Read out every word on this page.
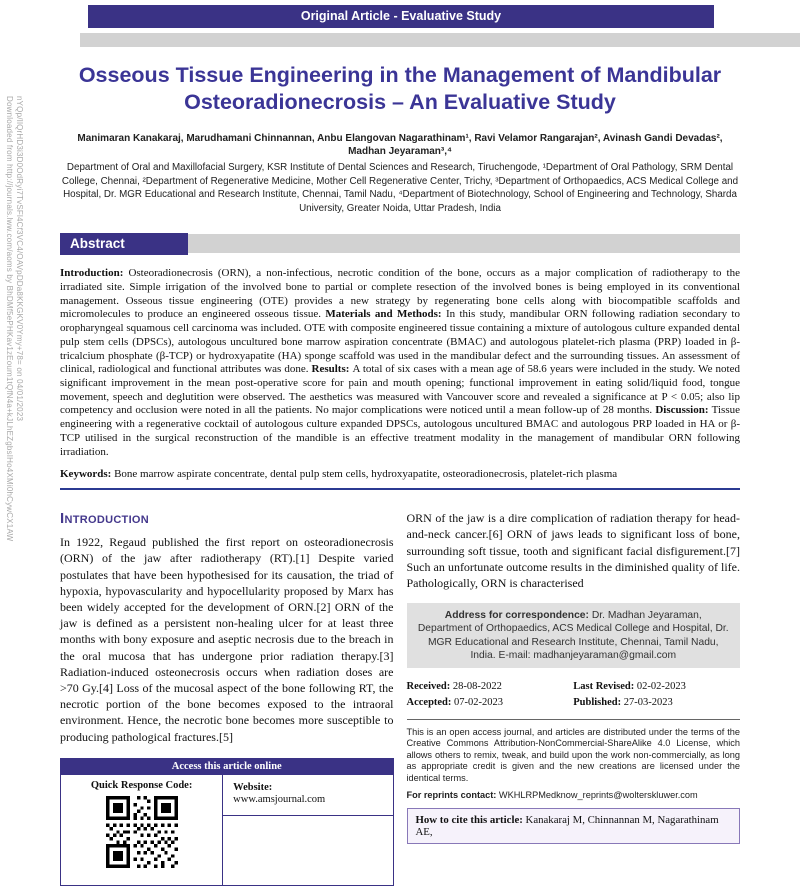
Downloaded from http://journals.lww.com/aoms by BhDMf5ePHKav1zEoum1tQfN4a+kJLhEZgbsIHo4XMi0hCywCX1AW nYQp/IlQrHD3i3D0OdRyi7TvSFl4Cf3VC4/OAVpDDa8KKGKV0Ymy+78= on 04/01/2023
Original Article - Evaluative Study
Osseous Tissue Engineering in the Management of Mandibular Osteoradionecrosis – An Evaluative Study

Manimaran Kanakaraj, Marudhamani Chinnannan, Anbu Elangovan Nagarathinam¹, Ravi Velamor Rangarajan², Avinash Gandi Devadas², Madhan Jeyaraman³,⁴

Department of Oral and Maxillofacial Surgery, KSR Institute of Dental Sciences and Research, Tiruchengode, ¹Department of Oral Pathology, SRM Dental College, Chennai, ²Department of Regenerative Medicine, Mother Cell Regenerative Center, Trichy, ³Department of Orthopaedics, ACS Medical College and Hospital, Dr. MGR Educational and Research Institute, Chennai, Tamil Nadu, ⁴Department of Biotechnology, School of Engineering and Technology, Sharda University, Greater Noida, Uttar Pradesh, India

Abstract

Introduction: Osteoradionecrosis (ORN), a non-infectious, necrotic condition of the bone, occurs as a major complication of radiotherapy to the irradiated site. Simple irrigation of the involved bone to partial or complete resection of the involved bones is being employed in its conventional management. Osseous tissue engineering (OTE) provides a new strategy by regenerating bone cells along with biocompatible scaffolds and micromolecules to produce an engineered osseous tissue. Materials and Methods: In this study, mandibular ORN following radiation secondary to oropharyngeal squamous cell carcinoma was included. OTE with composite engineered tissue containing a mixture of autologous culture expanded dental pulp stem cells (DPSCs), autologous uncultured bone marrow aspiration concentrate (BMAC) and autologous platelet-rich plasma (PRP) loaded in β-tricalcium phosphate (β-TCP) or hydroxyapatite (HA) sponge scaffold was used in the mandibular defect and the surrounding tissues. An assessment of clinical, radiological and functional attributes was done. Results: A total of six cases with a mean age of 58.6 years were included in the study. We noted significant improvement in the mean post-operative score for pain and mouth opening; functional improvement in eating solid/liquid food, tongue movement, speech and deglutition were observed. The aesthetics was measured with Vancouver score and revealed a significance at P < 0.05; also lip competency and occlusion were noted in all the patients. No major complications were noticed until a mean follow-up of 28 months. Discussion: Tissue engineering with a regenerative cocktail of autologous culture expanded DPSCs, autologous uncultured BMAC and autologous PRP loaded in HA or β-TCP utilised in the surgical reconstruction of the mandible is an effective treatment modality in the management of mandibular ORN following irradiation.

Keywords: Bone marrow aspirate concentrate, dental pulp stem cells, hydroxyapatite, osteoradionecrosis, platelet-rich plasma

Introduction

In 1922, Regaud published the first report on osteoradionecrosis (ORN) of the jaw after radiotherapy (RT).[1] Despite varied postulates that have been hypothesised for its causation, the triad of hypoxia, hypovascularity and hypocellularity proposed by Marx has been widely accepted for the development of ORN.[2] ORN of the jaw is defined as a persistent non-healing ulcer for at least three months with bony exposure and aseptic necrosis due to the breach in the oral mucosa that has undergone prior radiation therapy.[3] Radiation-induced osteonecrosis occurs when radiation doses are >70 Gy.[4] Loss of the mucosal aspect of the bone following RT, the necrotic portion of the bone becomes exposed to the intraoral environment. Hence, the necrotic bone becomes more susceptible to producing pathological fractures.[5]

Access this article online
Quick Response Code:	Website:
www.amsjournal.com

ORN of the jaw is a dire complication of radiation therapy for head-and-neck cancer.[6] ORN of jaws leads to significant loss of bone, surrounding soft tissue, tooth and significant facial disfigurement.[7] Such an unfortunate outcome results in the diminished quality of life. Pathologically, ORN is characterised

Address for correspondence: Dr. Madhan Jeyaraman, Department of Orthopaedics, ACS Medical College and Hospital, Dr. MGR Educational and Research Institute, Chennai, Tamil Nadu, India. E-mail: madhanjeyaraman@gmail.com
Received: 28-08-2022
Accepted: 07-02-2023
Last Revised: 02-02-2023
Published: 27-03-2023

This is an open access journal, and articles are distributed under the terms of the Creative Commons Attribution-NonCommercial-ShareAlike 4.0 License, which allows others to remix, tweak, and build upon the work non-commercially, as long as appropriate credit is given and the new creations are licensed under the identical terms.

For reprints contact: WKHLRPMedknow_reprints@wolterskluwer.com

How to cite this article: Kanakaraj M, Chinnannan M, Nagarathinam AE,
